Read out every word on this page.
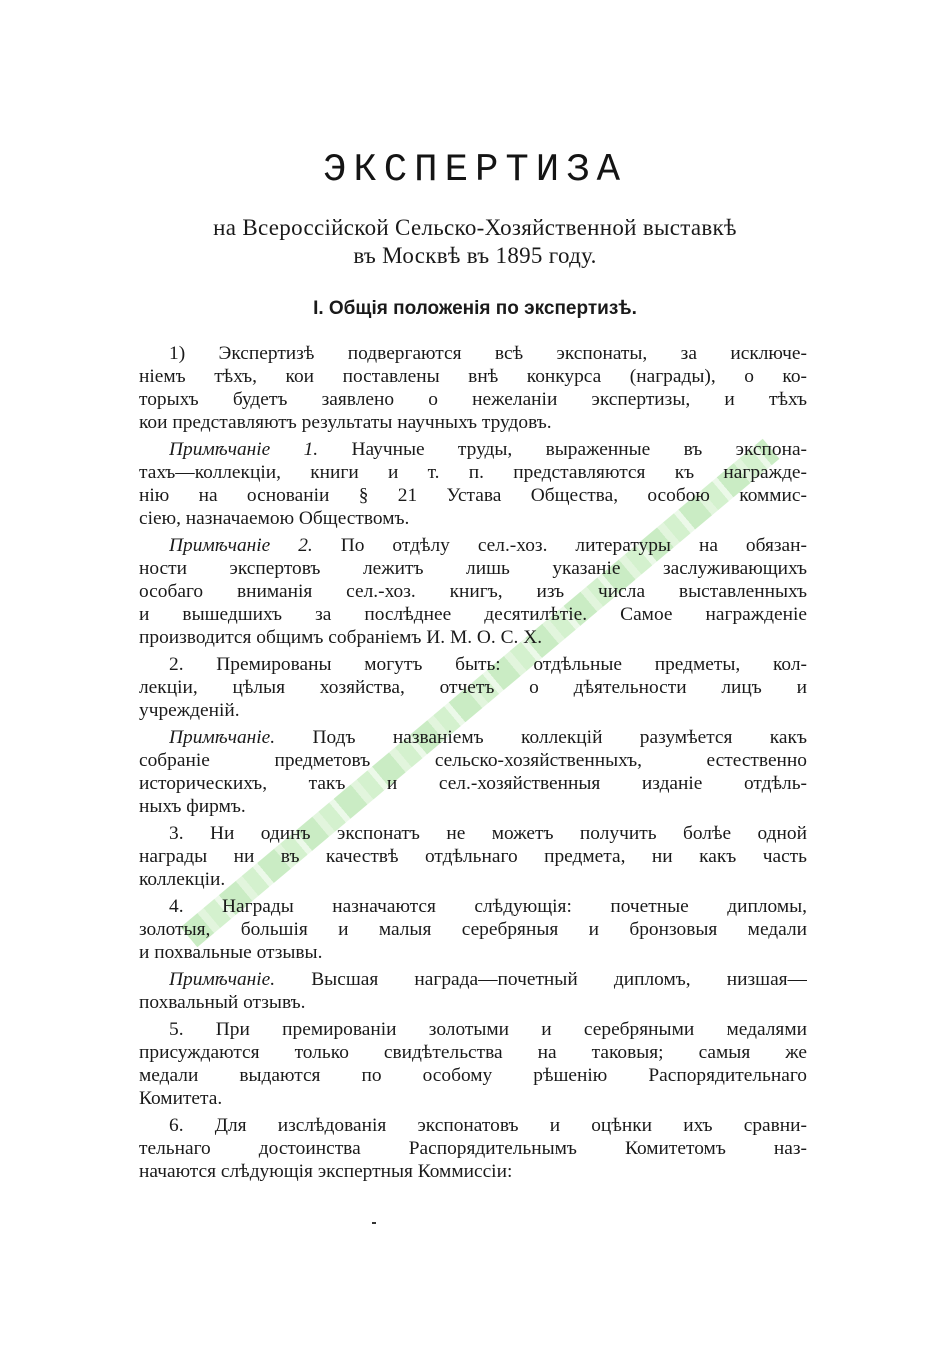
ЭКСПЕРТИЗА
на Всероссійской Сельско-Хозяйственной выставкѣ
въ Москвѣ въ 1895 году.
I. Общія положенія по экспертизѣ.
1) Экспертизѣ подвергаются всѣ экспонаты, за исключе-
ніемъ тѣхъ, кои поставлены внѣ конкурса (награды), о ко-
торыхъ будетъ заявлено о нежеланіи экспертизы, и тѣхъ
кои представляютъ результаты научныхъ трудовъ.
Примѣчаніе 1. Научные труды, выраженные въ экспона-
тахъ—коллекціи, книги и т. п. представляются къ награжде-
нію на основаніи § 21 Устава Общества, особою коммис-
сіею, назначаемою Обществомъ.
Примѣчаніе 2. По отдѣлу сел.-хоз. литературы на обязан-
ности экспертовъ лежитъ лишь указаніе заслуживающихъ
особаго вниманія сел.-хоз. книгъ, изъ числа выставленныхъ
и вышедшихъ за послѣднее десятилѣтіе. Самое награжденіе
производится общимъ собраніемъ И. М. О. С. Х.
2. Премированы могутъ быть: отдѣльные предметы, кол-
лекціи, цѣлыя хозяйства, отчетъ о дѣятельности лицъ и
учрежденій.
Примѣчаніе. Подъ названіемъ коллекцій разумѣется какъ
собраніе предметовъ сельско-хозяйственныхъ, естественно
историческихъ, такъ и сел.-хозяйственныя изданіе отдѣль-
ныхъ фирмъ.
3. Ни одинъ экспонатъ не можетъ получить болѣе одной
награды ни въ качествѣ отдѣльнаго предмета, ни какъ часть
коллекціи.
4. Награды назначаются слѣдующія: почетные дипломы,
золотыя, большія и малыя серебряныя и бронзовыя медали
и похвальные отзывы.
Примѣчаніе. Высшая награда—почетный дипломъ, низшая—
похвальный отзывъ.
5. При премированіи золотыми и серебряными медалями
присуждаются только свидѣтельства на таковыя; самыя же
медали выдаются по особому рѣшенію Распорядительнаго
Комитета.
6. Для изслѣдованія экспонатовъ и оцѣнки ихъ сравни-
тельнаго достоинства Распорядительнымъ Комитетомъ наз-
начаются слѣдующія экспертныя Коммиссіи:
